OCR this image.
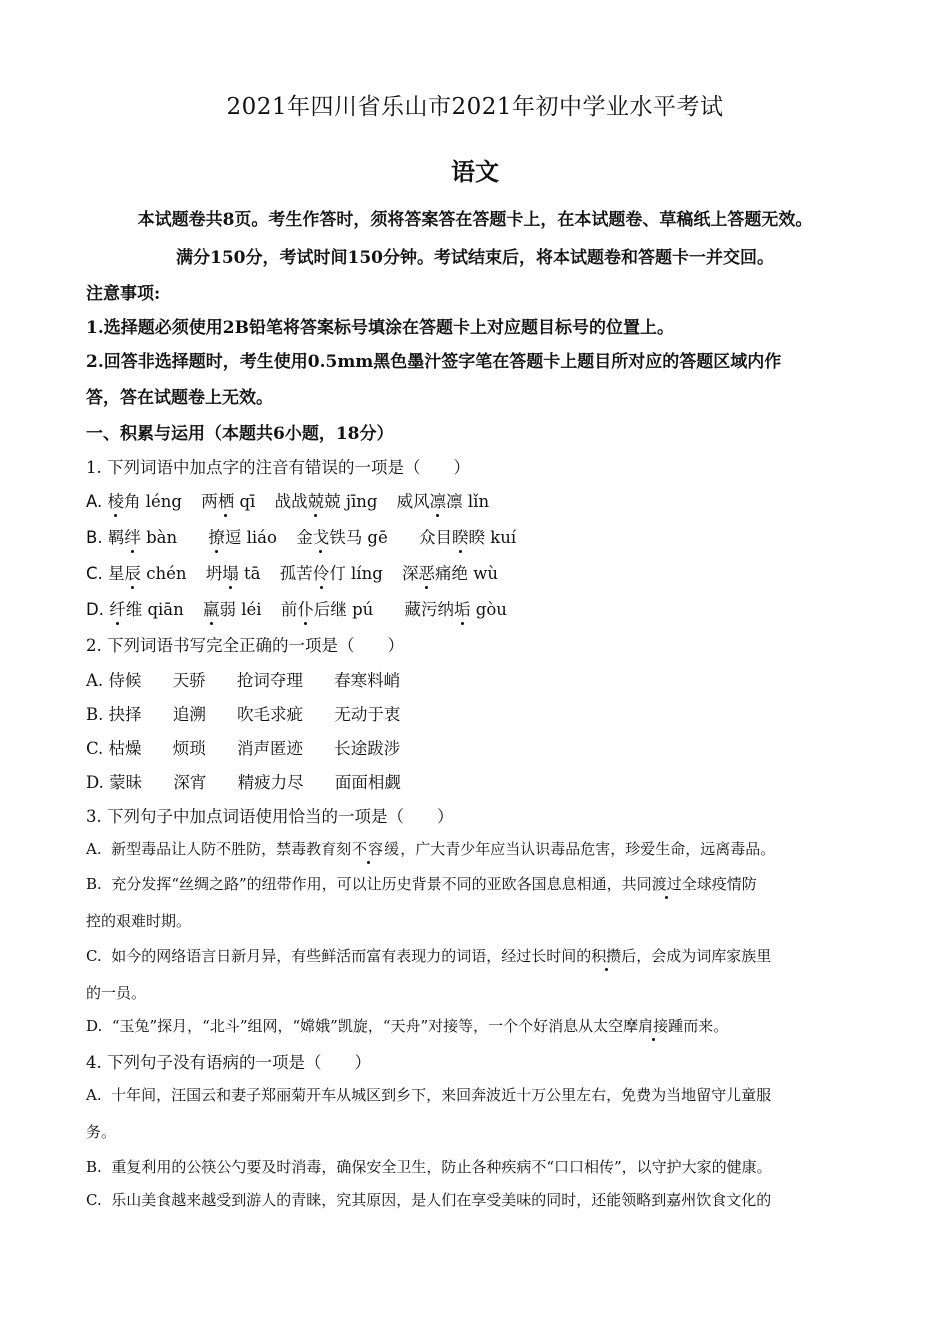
2021年四川省乐山市2021年初中学业水平考试
语文
本试题卷共8页。考生作答时，须将答案答在答题卡上，在本试题卷、草稿纸上答题无效。
满分150分，考试时间150分钟。考试结束后，将本试题卷和答题卡一并交回。
注意事项:
1.选择题必须使用2B铅笔将答案标号填涂在答题卡上对应题目标号的位置上。
2.回答非选择题时，考生使用0.5mm黑色墨汁签字笔在答题卡上题目所对应的答题区域内作
答，答在试题卷上无效。
一、积累与运用（本题共6小题，18分）
1. 下列词语中加点字的注音有错误的一项是（　　）
A. 棱角 léng 两栖 qī 战战兢兢 jīng 威风凛凛 lǐn
B. 羁绊 bàn 撩逗 liáo 金戈铁马 gē 众目睽睽 kuí
C. 星辰 chén 坍塌 tā 孤苦伶仃 líng 深恶痛绝 wù
D. 纤维 qiān 羸弱 léi 前仆后继 pú 藏污纳垢 gòu
2. 下列词语书写完全正确的一项是（　　）
A. 侍候 天骄 抢词夺理 春寒料峭
B. 抉择 追溯 吹毛求疵 无动于衷
C. 枯燥 烦琐 消声匿迹 长途跋涉
D. 蒙昧 深宵 精疲力尽 面面相觑
3. 下列句子中加点词语使用恰当的一项是（　　）
A. 新型毒品让人防不胜防，禁毒教育刻不容缓，广大青少年应当认识毒品危害，珍爱生命，远离毒品。
B. 充分发挥“丝绸之路”的纽带作用，可以让历史背景不同的亚欧各国息息相通，共同渡过全球疫情防
控的艰难时期。
C. 如今的网络语言日新月异，有些鲜活而富有表现力的词语，经过长时间的积攒后，会成为词库家族里
的一员。
D. “玉兔”探月，“北斗”组网，“嫦娥”凯旋，“天舟”对接等，一个个好消息从太空摩肩接踵而来。
4. 下列句子没有语病的一项是（　　）
A. 十年间，汪国云和妻子郑丽菊开车从城区到乡下，来回奔波近十万公里左右，免费为当地留守儿童服
务。
B. 重复利用的公筷公勺要及时消毒，确保安全卫生，防止各种疾病不“口口相传”，以守护大家的健康。
C. 乐山美食越来越受到游人的青睐，究其原因，是人们在享受美味的同时，还能领略到嘉州饮食文化的
